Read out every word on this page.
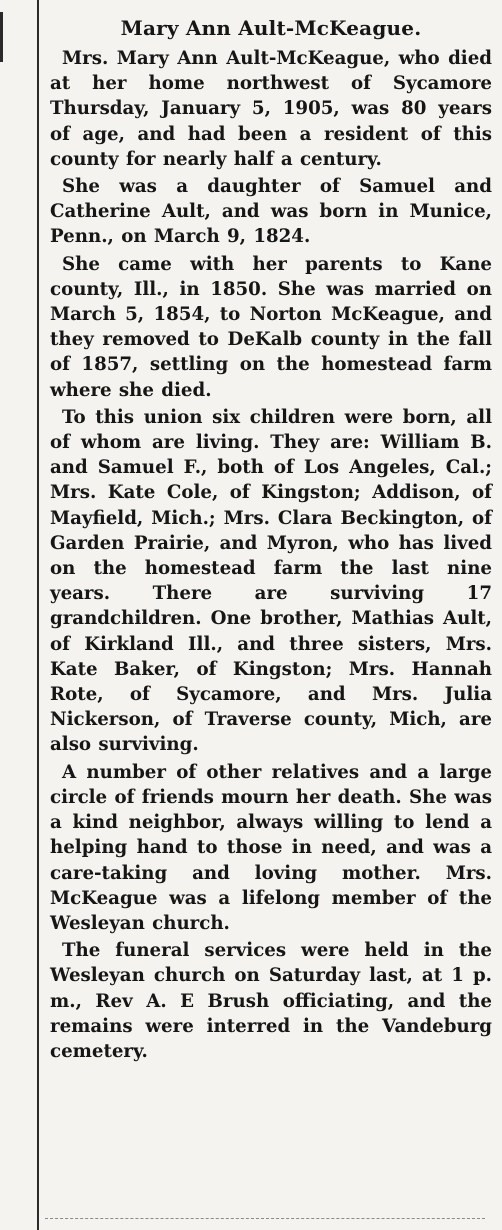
Mary Ann Ault-McKeague.

Mrs. Mary Ann Ault-McKeague, who died at her home northwest of Sycamore Thursday, January 5, 1905, was 80 years of age, and had been a resident of this county for nearly half a century.

She was a daughter of Samuel and Catherine Ault, and was born in Munice, Penn., on March 9, 1824.

She came with her parents to Kane county, Ill., in 1850. She was married on March 5, 1854, to Norton McKeague, and they removed to DeKalb county in the fall of 1857, settling on the homestead farm where she died.

To this union six children were born, all of whom are living. They are: William B. and Samuel F., both of Los Angeles, Cal.; Mrs. Kate Cole, of Kingston; Addison, of Mayfield, Mich.; Mrs. Clara Beckington, of Garden Prairie, and Myron, who has lived on the homestead farm the last nine years. There are surviving 17 grandchildren. One brother, Mathias Ault, of Kirkland Ill., and three sisters, Mrs. Kate Baker, of Kingston; Mrs. Hannah Rote, of Sycamore, and Mrs. Julia Nickerson, of Traverse county, Mich, are also surviving.

A number of other relatives and a large circle of friends mourn her death. She was a kind neighbor, always willing to lend a helping hand to those in need, and was a care-taking and loving mother. Mrs. McKeague was a lifelong member of the Wesleyan church.

The funeral services were held in the Wesleyan church on Saturday last, at 1 p. m., Rev A. E Brush officiating, and the remains were interred in the Vandeburg cemetery.
